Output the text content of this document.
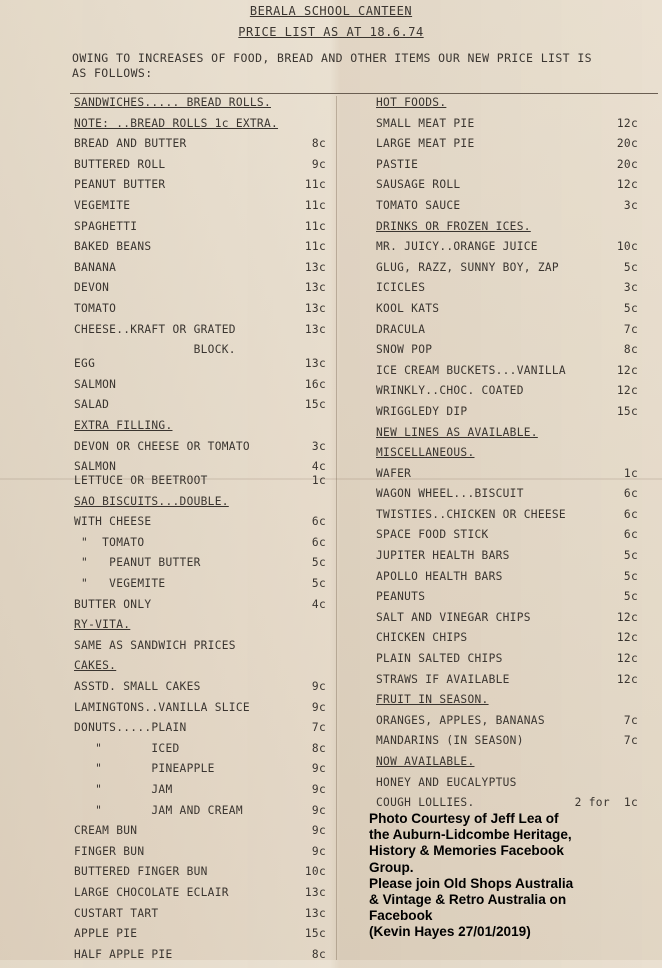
BERALA SCHOOL CANTEEN
PRICE LIST AS AT 18.6.74
OWING TO INCREASES OF FOOD, BREAD AND OTHER ITEMS OUR NEW PRICE LIST IS
AS FOLLOWS:
SANDWICHES..... BREAD ROLLS.
NOTE: ..BREAD ROLLS 1c EXTRA.
BREAD AND BUTTER	8c
BUTTERED ROLL	9c
PEANUT BUTTER	11c
VEGEMITE	11c
SPAGHETTI	11c
BAKED BEANS	11c
BANANA	13c
DEVON	13c
TOMATO	13c
CHEESE..KRAFT OR GRATED	13c
BLOCK.
EGG	13c
SALMON	16c
SALAD	15c
EXTRA FILLING.
DEVON OR CHEESE OR TOMATO	3c
SALMON	4c
LETTUCE OR BEETROOT	1c
SAO BISCUITS...DOUBLE.
WITH CHEESE	6c
"  TOMATO	6c
"   PEANUT BUTTER	5c
"   VEGEMITE	5c
BUTTER ONLY	4c
RY-VITA.
SAME AS SANDWICH PRICES
CAKES.
ASSTD. SMALL CAKES	9c
LAMINGTONS..VANILLA SLICE	9c
DONUTS.....PLAIN	7c
"       ICED	8c
"       PINEAPPLE	9c
"       JAM	9c
"       JAM AND CREAM	9c
CREAM BUN	9c
FINGER BUN	9c
BUTTERED FINGER BUN	10c
LARGE CHOCOLATE ECLAIR	13c
CUSTART TART	13c
APPLE PIE	15c
HALF APPLE PIE	8c
HOT FOODS.
SMALL MEAT PIE	12c
LARGE MEAT PIE	20c
PASTIE	20c
SAUSAGE ROLL	12c
TOMATO SAUCE	3c
DRINKS OR FROZEN ICES.
MR. JUICY..ORANGE JUICE	10c
GLUG, RAZZ, SUNNY BOY, ZAP	5c
ICICLES	3c
KOOL KATS	5c
DRACULA	7c
SNOW POP	8c
ICE CREAM BUCKETS...VANILLA	12c
WRINKLY..CHOC. COATED	12c
WRIGGLEDY DIP	15c
NEW LINES AS AVAILABLE.
MISCELLANEOUS.
WAFER	1c
WAGON WHEEL...BISCUIT	6c
TWISTIES..CHICKEN OR CHEESE	6c
SPACE FOOD STICK	6c
JUPITER HEALTH BARS	5c
APOLLO HEALTH BARS	5c
PEANUTS	5c
SALT AND VINEGAR CHIPS	12c
CHICKEN CHIPS	12c
PLAIN SALTED CHIPS	12c
STRAWS IF AVAILABLE	12c
FRUIT IN SEASON.
ORANGES, APPLES, BANANAS	7c
MANDARINS (IN SEASON)	7c
NOW AVAILABLE.
HONEY AND EUCALYPTUS
COUGH LOLLIES.	2 for  1c
Photo Courtesy of Jeff Lea of
the Auburn-Lidcombe Heritage,
History & Memories Facebook
Group.
Please join Old Shops Australia
& Vintage & Retro Australia on
Facebook
(Kevin Hayes 27/01/2019)
